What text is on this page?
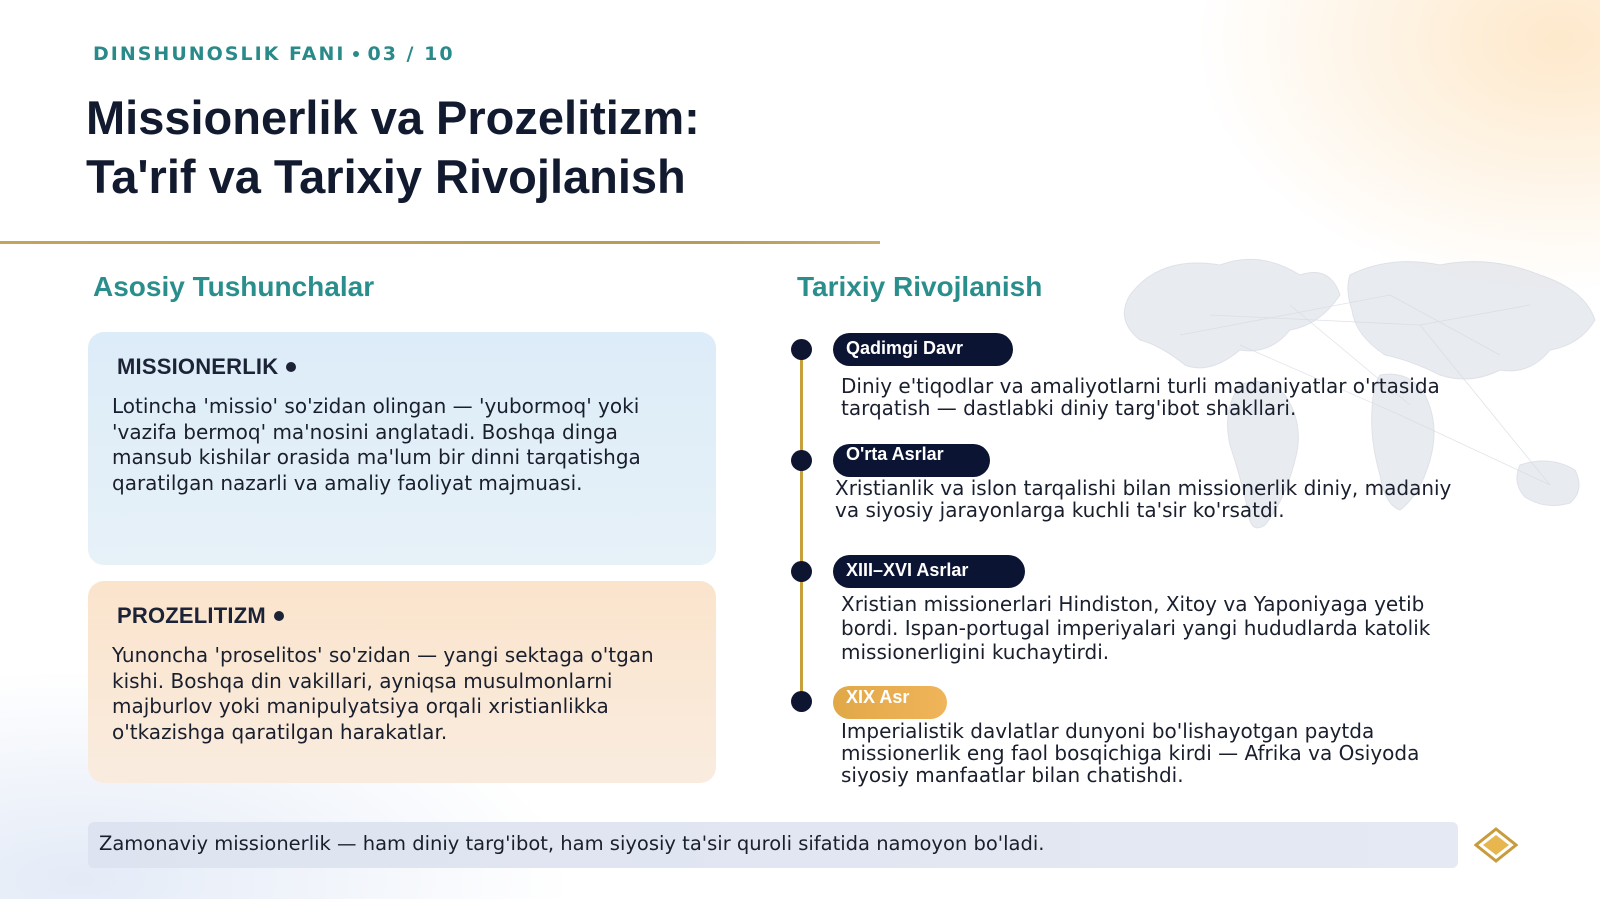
DINSHUNOSLIK FANI 03 / 10
Missionerlik va Prozelitizm:
Ta'rif va Tarixiy Rivojlanish
Asosiy Tushunchalar
MISSIONERLIK
Lotincha 'missio' so'zidan olingan — 'yubormoq' yoki 'vazifa bermoq' ma'nosini anglatadi. Boshqa dinga mansub kishilar orasida ma'lum bir dinni tarqatishga qaratilgan nazarli va amaliy faoliyat majmuasi.
PROZELITIZM
Yunoncha 'proselitos' so'zidan — yangi sektaga o'tgan kishi. Boshqa din vakillari, ayniqsa musulmonlarni majburlov yoki manipulyatsiya orqali xristianlikka o'tkazishga qaratilgan harakatlar.
Tarixiy Rivojlanish
Qadimgi Davr
Diniy e'tiqodlar va amaliyotlarni turli madaniyatlar o'rtasida tarqatish — dastlabki diniy targ'ibot shakllari.
O'rta Asrlar
Xristianlik va islon tarqalishi bilan missionerlik diniy, madaniy va siyosiy jarayonlarga kuchli ta'sir ko'rsatdi.
XIII–XVI Asrlar
Xristian missionerlari Hindiston, Xitoy va Yaponiyaga yetib bordi. Ispan-portugal imperiyalari yangi hududlarda katolik missionerligini kuchaytirdi.
XIX Asr
Imperialistik davlatlar dunyoni bo'lishayotgan paytda missionerlik eng faol bosqichiga kirdi — Afrika va Osiyoda siyosiy manfaatlar bilan chatishdi.
Zamonaviy missionerlik — ham diniy targ'ibot, ham siyosiy ta'sir quroli sifatida namoyon bo'ladi.
